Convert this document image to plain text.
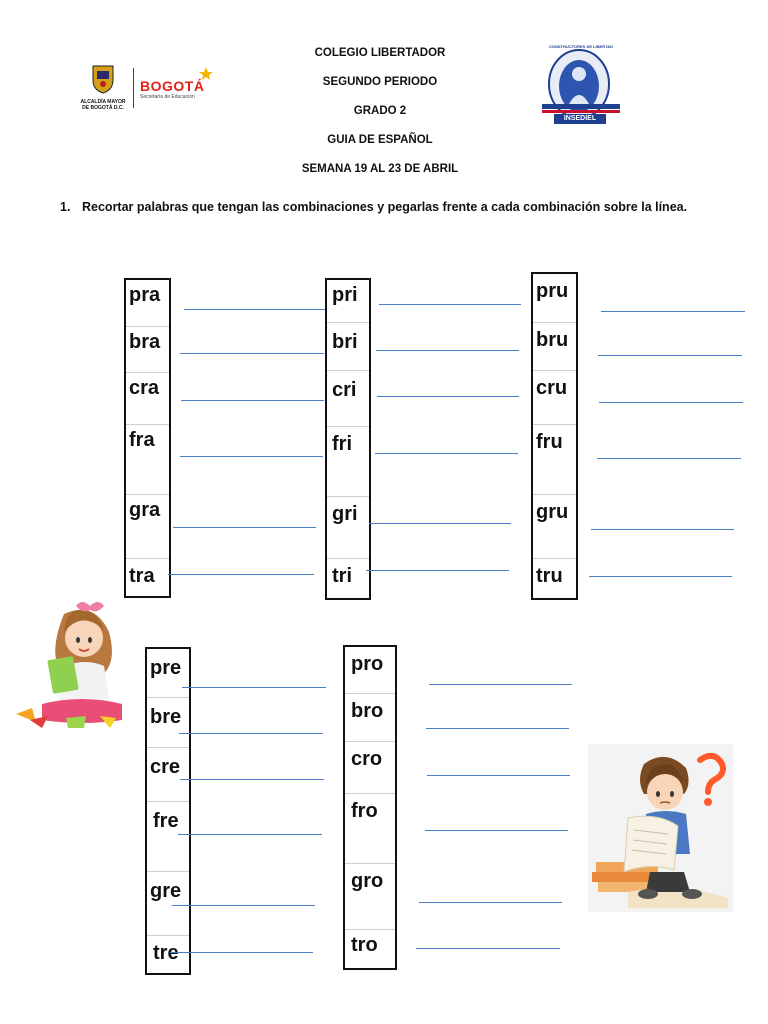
ALCALDÍA MAYOR
DE BOGOTÁ D.C.
BOGOTÁ
Secretaría de Educación
COLEGIO LIBERTADOR
SEGUNDO PERIODO
GRADO 2
GUIA DE ESPAÑOL
SEMANA 19 AL 23 DE ABRIL
INSEDIEL
CONSTRUCTORES DE LIBERTAD
1. Recortar palabras que tengan las combinaciones y pegarlas frente a cada combinación sobre la línea.
pra
bra
cra
fra
gra
tra
pri
bri
cri
fri
gri
tri
pru
bru
cru
fru
gru
tru
pre
bre
cre
fre
gre
tre
pro
bro
cro
fro
gro
tro
